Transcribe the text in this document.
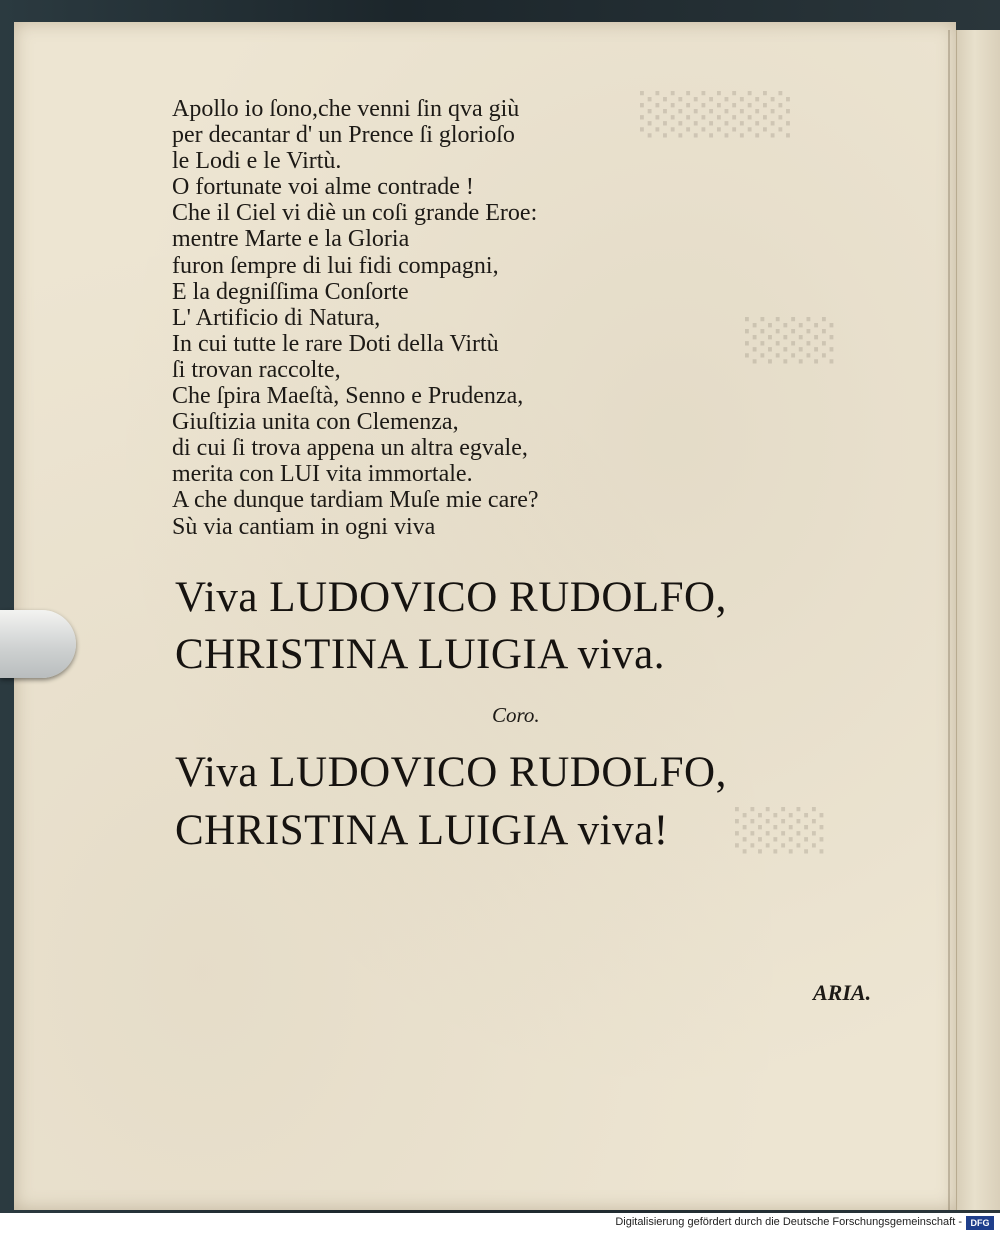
░░░░░
░░░
░░░
Apollo io ſono,che venni ſin qva giù
per decantar d' un Prence ſi glorioſo
le Lodi e le Virtù.
O fortunate voi alme contrade !
Che il Ciel vi diè un coſi grande Eroe:
mentre Marte e la Gloria
furon ſempre di lui fidi compagni,
E la degniſſima Conſorte
L' Artificio di Natura,
In cui tutte le rare Doti della Virtù
ſi trovan raccolte,
Che ſpira Maeſtà, Senno e Prudenza,
Giuſtizia unita con Clemenza,
di cui ſi trova appena un altra egvale,
merita con LUI vita immortale.
A che dunque tardiam Muſe mie care?
Sù via cantiam in ogni viva
Viva LUDOVICO RUDOLFO,
CHRISTINA LUIGIA viva.
Coro.
Viva LUDOVICO RUDOLFO,
CHRISTINA LUIGIA viva!
ARIA.
Digitalisierung gefördert durch die Deutsche Forschungsgemeinschaft - DFG
